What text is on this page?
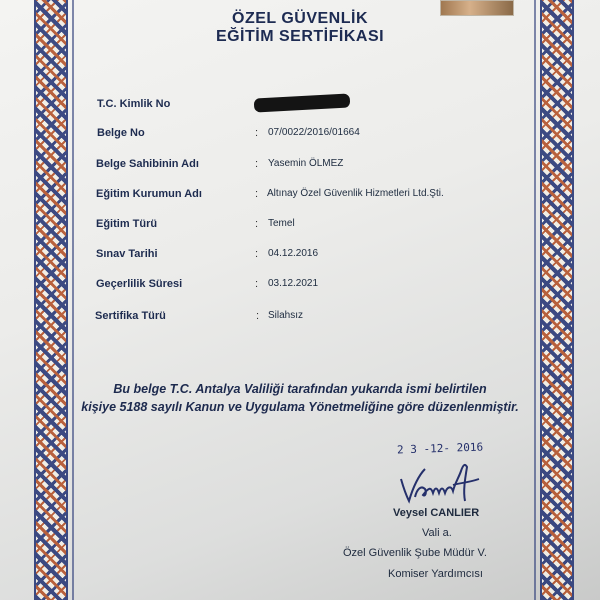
ÖZEL GÜVENLİK
EĞİTİM SERTİFİKASI
T.C. Kimlik No
Belge No	: 07/0022/2016/01664
Belge Sahibinin Adı	: Yasemin ÖLMEZ
Eğitim Kurumun Adı	: Altınay Özel Güvenlik Hizmetleri Ltd.Şti.
Eğitim Türü	: Temel
Sınav Tarihi	: 04.12.2016
Geçerlilik Süresi	: 03.12.2021
Sertifika Türü	: Silahsız
Bu belge T.C. Antalya Valiliği tarafından yukarıda ismi belirtilen
kişiye 5188 sayılı Kanun ve Uygulama Yönetmeliğine göre düzenlenmiştir.
2 3 -12- 2016
Veysel CANLIER
Vali a.
Özel Güvenlik Şube Müdür V.
Komiser Yardımcısı
